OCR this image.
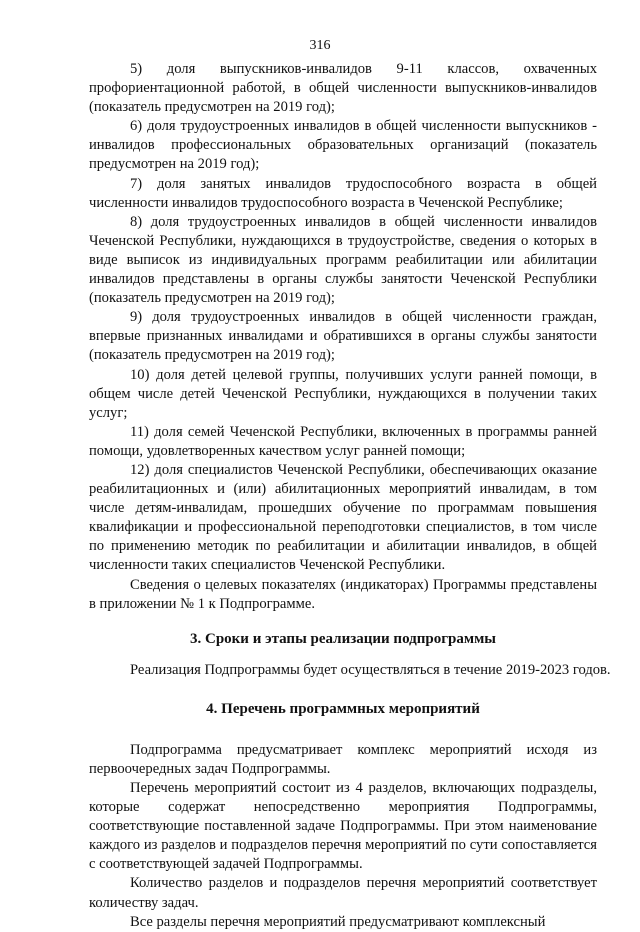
316

5) доля выпускников-инвалидов 9-11 классов, охваченных профориентационной работой, в общей численности выпускников-инвалидов (показатель предусмотрен на 2019 год);

6) доля трудоустроенных инвалидов в общей численности выпускников - инвалидов профессиональных образовательных организаций (показатель предусмотрен на 2019 год);

7) доля занятых инвалидов трудоспособного возраста в общей численности инвалидов трудоспособного возраста в Чеченской Республике;

8) доля трудоустроенных инвалидов в общей численности инвалидов Чеченской Республики, нуждающихся в трудоустройстве, сведения о которых в виде выписок из индивидуальных программ реабилитации или абилитации инвалидов представлены в органы службы занятости Чеченской Республики (показатель предусмотрен на 2019 год);

9) доля трудоустроенных инвалидов в общей численности граждан, впервые признанных инвалидами и обратившихся в органы службы занятости (показатель предусмотрен на 2019 год);

10) доля детей целевой группы, получивших услуги ранней помощи, в общем числе детей Чеченской Республики, нуждающихся в получении таких услуг;

11) доля семей Чеченской Республики, включенных в программы ранней помощи, удовлетворенных качеством услуг ранней помощи;

12) доля специалистов Чеченской Республики, обеспечивающих оказание реабилитационных и (или) абилитационных мероприятий инвалидам, в том числе детям-инвалидам, прошедших обучение по программам повышения квалификации и профессиональной переподготовки специалистов, в том числе по применению методик по реабилитации и абилитации инвалидов, в общей численности таких специалистов Чеченской Республики.

Сведения о целевых показателях (индикаторах) Программы представлены в приложении № 1 к Подпрограмме.

3. Сроки и этапы реализации подпрограммы

Реализация Подпрограммы будет осуществляться в течение 2019-2023 годов.

4. Перечень программных мероприятий

Подпрограмма предусматривает комплекс мероприятий исходя из первоочередных задач Подпрограммы.

Перечень мероприятий состоит из 4 разделов, включающих подразделы, которые содержат непосредственно мероприятия Подпрограммы, соответствующие поставленной задаче Подпрограммы. При этом наименование каждого из разделов и подразделов перечня мероприятий по сути сопоставляется с соответствующей задачей Подпрограммы.

Количество разделов и подразделов перечня мероприятий соответствует количеству задач.

Все разделы перечня мероприятий предусматривают комплексный
